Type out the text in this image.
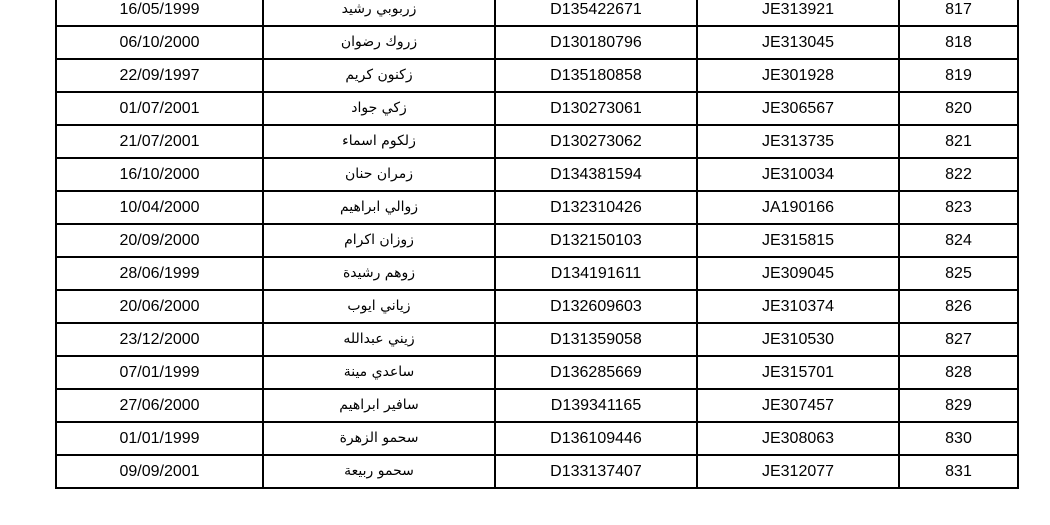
16/05/1999	زربوبي رشيد	D135422671	JE313921	817
06/10/2000	زروك رضوان	D130180796	JE313045	818
22/09/1997	زكنون كريم	D135180858	JE301928	819
01/07/2001	زكي جواد	D130273061	JE306567	820
21/07/2001	زلكوم اسماء	D130273062	JE313735	821
16/10/2000	زمران حنان	D134381594	JE310034	822
10/04/2000	زوالي ابراهيم	D132310426	JA190166	823
20/09/2000	زوزان اكرام	D132150103	JE315815	824
28/06/1999	زوهم رشيدة	D134191611	JE309045	825
20/06/2000	زياني ايوب	D132609603	JE310374	826
23/12/2000	زيني عبدالله	D131359058	JE310530	827
07/01/1999	ساعدي مينة	D136285669	JE315701	828
27/06/2000	سافير ابراهيم	D139341165	JE307457	829
01/01/1999	سحمو الزهرة	D136109446	JE308063	830
09/09/2001	سحمو ربيعة	D133137407	JE312077	831
